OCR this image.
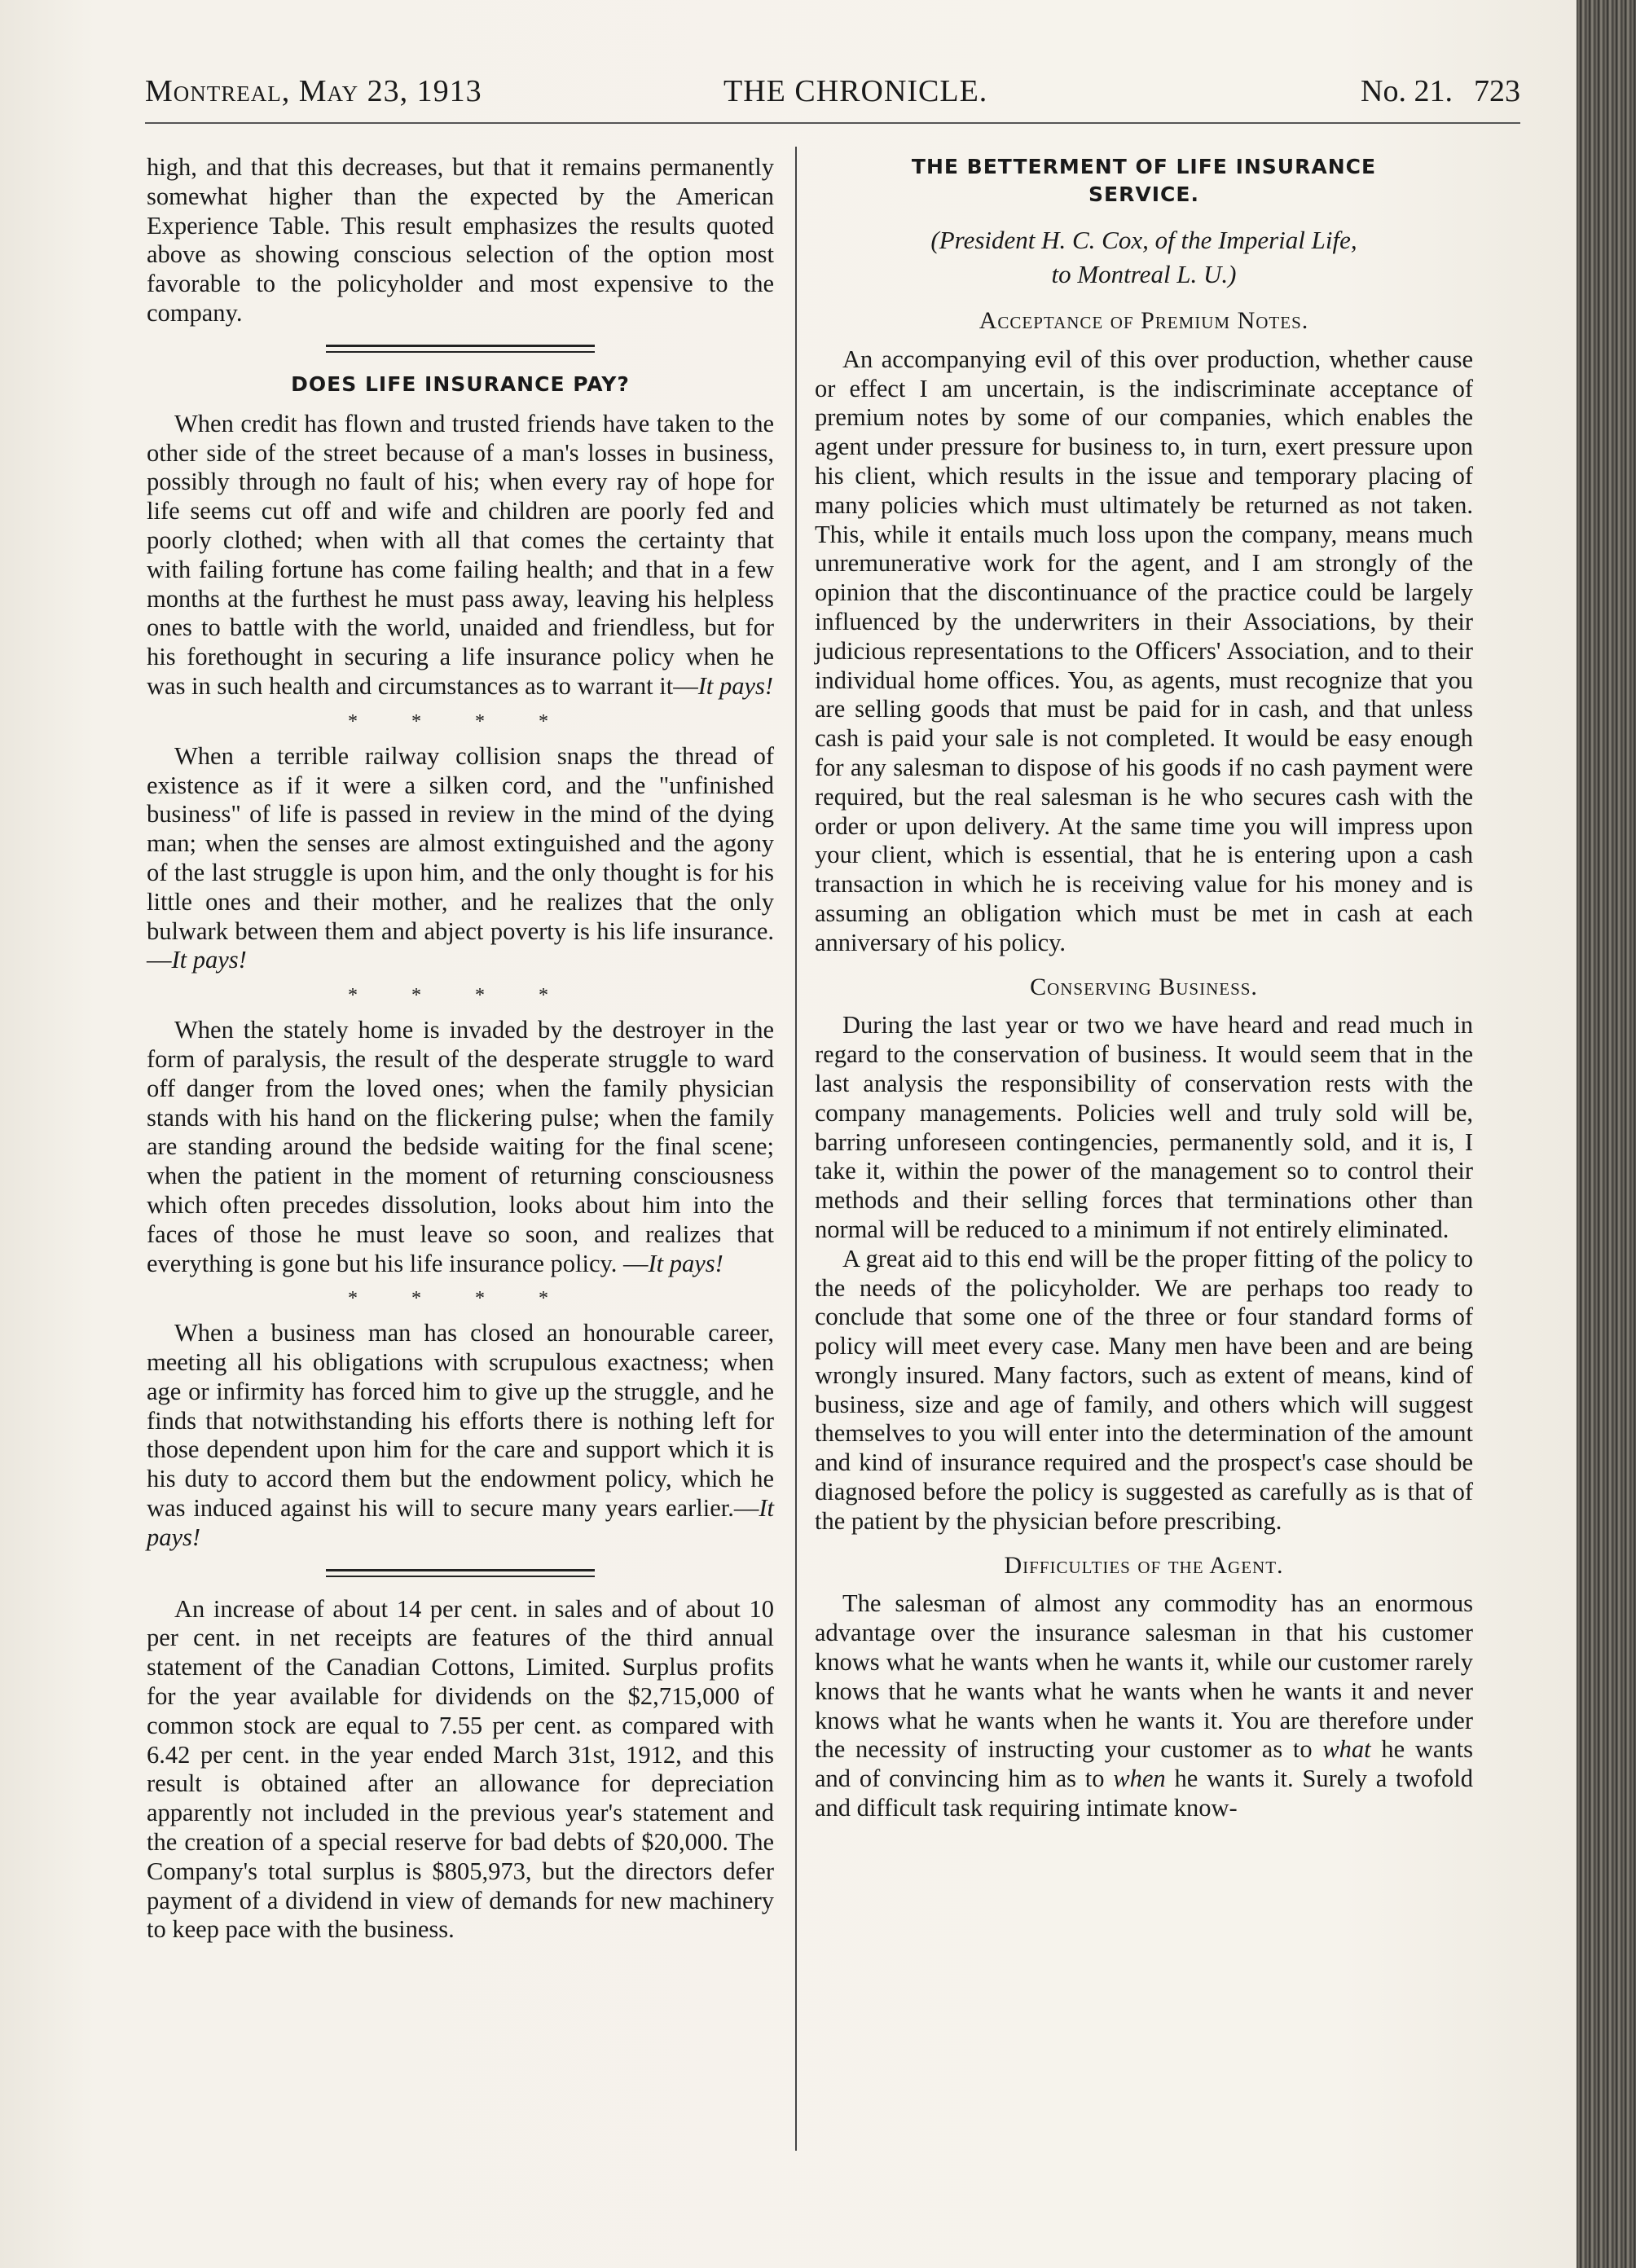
Montreal, May 23, 1913	THE CHRONICLE.	No. 21. 723

high, and that this decreases, but that it remains permanently somewhat higher than the expected by the American Experience Table. This result emphasizes the results quoted above as showing conscious selection of the option most favorable to the policyholder and most expensive to the company.

DOES LIFE INSURANCE PAY?

When credit has flown and trusted friends have taken to the other side of the street because of a man's losses in business, possibly through no fault of his; when every ray of hope for life seems cut off and wife and children are poorly fed and poorly clothed; when with all that comes the certainty that with failing fortune has come failing health; and that in a few months at the furthest he must pass away, leaving his helpless ones to battle with the world, unaided and friendless, but for his forethought in securing a life insurance policy when he was in such health and circumstances as to warrant it—It pays!

* * * *

When a terrible railway collision snaps the thread of existence as if it were a silken cord, and the "unfinished business" of life is passed in review in the mind of the dying man; when the senses are almost extinguished and the agony of the last struggle is upon him, and the only thought is for his little ones and their mother, and he realizes that the only bulwark between them and abject poverty is his life insurance.—It pays!

* * * *

When the stately home is invaded by the destroyer in the form of paralysis, the result of the desperate struggle to ward off danger from the loved ones; when the family physician stands with his hand on the flickering pulse; when the family are standing around the bedside waiting for the final scene; when the patient in the moment of returning consciousness which often precedes dissolution, looks about him into the faces of those he must leave so soon, and realizes that everything is gone but his life insurance policy. —It pays!

* * * *

When a business man has closed an honourable career, meeting all his obligations with scrupulous exactness; when age or infirmity has forced him to give up the struggle, and he finds that notwithstanding his efforts there is nothing left for those dependent upon him for the care and support which it is his duty to accord them but the endowment policy, which he was induced against his will to secure many years earlier.—It pays!

An increase of about 14 per cent. in sales and of about 10 per cent. in net receipts are features of the third annual statement of the Canadian Cottons, Limited. Surplus profits for the year available for dividends on the $2,715,000 of common stock are equal to 7.55 per cent. as compared with 6.42 per cent. in the year ended March 31st, 1912, and this result is obtained after an allowance for depreciation apparently not included in the previous year's statement and the creation of a special reserve for bad debts of $20,000. The Company's total surplus is $805,973, but the directors defer payment of a dividend in view of demands for new machinery to keep pace with the business.

THE BETTERMENT OF LIFE INSURANCE
SERVICE.
(President H. C. Cox, of the Imperial Life,
to Montreal L. U.)
Acceptance of Premium Notes.

An accompanying evil of this over production, whether cause or effect I am uncertain, is the indiscriminate acceptance of premium notes by some of our companies, which enables the agent under pressure for business to, in turn, exert pressure upon his client, which results in the issue and temporary placing of many policies which must ultimately be returned as not taken. This, while it entails much loss upon the company, means much unremunerative work for the agent, and I am strongly of the opinion that the discontinuance of the practice could be largely influenced by the underwriters in their Associations, by their judicious representations to the Officers' Association, and to their individual home offices. You, as agents, must recognize that you are selling goods that must be paid for in cash, and that unless cash is paid your sale is not completed. It would be easy enough for any salesman to dispose of his goods if no cash payment were required, but the real salesman is he who secures cash with the order or upon delivery. At the same time you will impress upon your client, which is essential, that he is entering upon a cash transaction in which he is receiving value for his money and is assuming an obligation which must be met in cash at each anniversary of his policy.

Conserving Business.

During the last year or two we have heard and read much in regard to the conservation of business. It would seem that in the last analysis the responsibility of conservation rests with the company managements. Policies well and truly sold will be, barring unforeseen contingencies, permanently sold, and it is, I take it, within the power of the management so to control their methods and their selling forces that terminations other than normal will be reduced to a minimum if not entirely eliminated.

A great aid to this end will be the proper fitting of the policy to the needs of the policyholder. We are perhaps too ready to conclude that some one of the three or four standard forms of policy will meet every case. Many men have been and are being wrongly insured. Many factors, such as extent of means, kind of business, size and age of family, and others which will suggest themselves to you will enter into the determination of the amount and kind of insurance required and the prospect's case should be diagnosed before the policy is suggested as carefully as is that of the patient by the physician before prescribing.

Difficulties of the Agent.

The salesman of almost any commodity has an enormous advantage over the insurance salesman in that his customer knows what he wants when he wants it, while our customer rarely knows that he wants what he wants when he wants it and never knows what he wants when he wants it. You are therefore under the necessity of instructing your customer as to what he wants and of convincing him as to when he wants it. Surely a twofold and difficult task requiring intimate know-
